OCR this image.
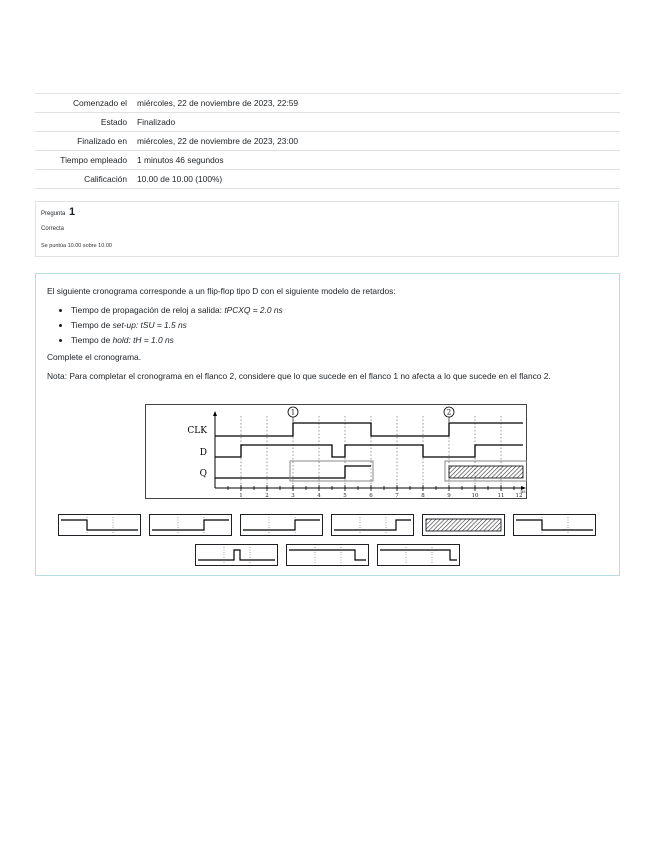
Comenzado el	miércoles, 22 de noviembre de 2023, 22:59
Estado	Finalizado
Finalizado en	miércoles, 22 de noviembre de 2023, 23:00
Tiempo empleado	1 minutos 46 segundos
Calificación	10.00 de 10.00 (100%)
Pregunta 1
Correcta
Se puntúa 10.00 sobre 10.00

El siguiente cronograma corresponde a un flip-flop tipo D con el siguiente modelo de retardos:

• Tiempo de propagación de reloj a salida: tPCXQ = 2.0 ns
• Tiempo de set-up: tSU = 1.5 ns
• Tiempo de hold: tH = 1.0 ns

Complete el cronograma.

Nota: Para completar el cronograma en el flanco 2, considere que lo que sucede en el flanco 1 no afecta a lo que sucede en el flanco 2.

1	2	3	4	5	6	7	8	9	10	11 12
ns
CLK
D
Q
1	2
